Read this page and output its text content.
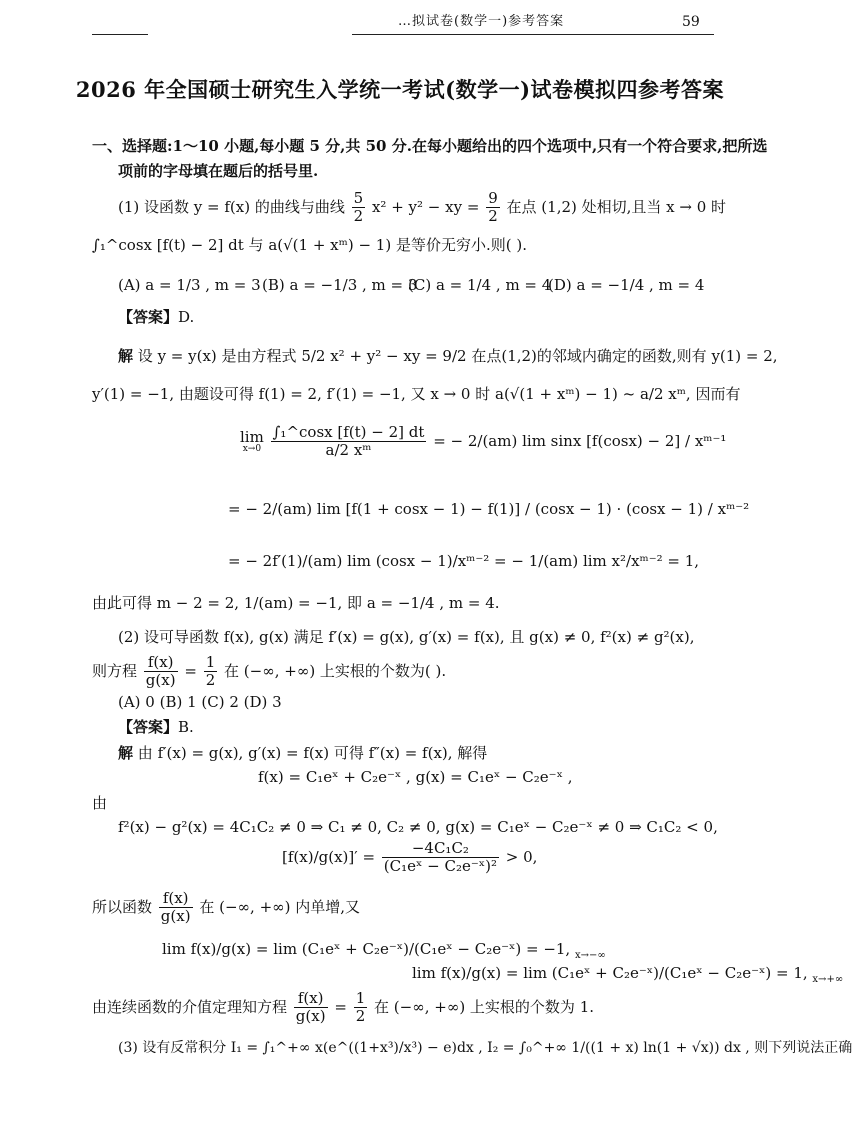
…拟试卷(数学一)参考答案	59
2026 年全国硕士研究生入学统一考试(数学一)试卷模拟四参考答案
一、选择题:1～10 小题,每小题 5 分,共 50 分.在每小题给出的四个选项中,只有一个符合要求,把所选
项前的字母填在题后的括号里.
(1) 设函数 y = f(x) 的曲线与曲线 $\frac{5}{2} x^2 + y^2$ − xy = $\frac{9}{2}$ 在点 (1,2) 处相切,且当 x → 0 时
∫₁^cosx [f(t) − 2] dt 与 a(√(1 + xᵐ) − 1) 是等价无穷小.则( ).
(A) a = 1/3 , m = 3 (B) a = −1/3 , m = 3
(C) a = 1/4 , m = 4
(D) a = −1/4 , m = 4
【答案】D.
解 设 y = y(x) 是由方程式 5/2 x² + y² − xy = 9/2 在点(1,2)的邻域内确定的函数,则有 y(1) = 2,
y′(1) = −1, 由题设可得 f(1) = 2, f′(1) = −1, 又 x → 0 时 a(√(1 + xᵐ) − 1) ~ a/2 xᵐ, 因而有
lim
x→0
$\frac{\text{∫₁\textasciicircum{}cosx [f(t) − 2] dt}}{\text{a/2 xᵐ}}$ = − 2/(am) lim sinx [f(cosx) − 2] / xᵐ⁻¹
= − 2/(am) lim [f(1 + cosx − 1) − f(1)] / (cosx − 1) · (cosx − 1) / xᵐ⁻²
= − 2f′(1)/(am) lim (cosx − 1)/xᵐ⁻² = − 1/(am) lim x²/xᵐ⁻² = 1,
由此可得 m − 2 = 2, 1/(am) = −1, 即 a = −1/4 , m = 4.
(2) 设可导函数 f(x), g(x) 满足 f′(x) = g(x), g′(x) = f(x), 且 g(x) ≠ 0, f²(x) ≠ g²(x),
则方程 $\frac{f(x)}{g(x)} = \frac{1}{2}$ 在 (−∞, +∞) 上实根的个数为( ).
(A) 0 (B) 1 (C) 2 (D) 3
【答案】B.
解 由 f′(x) = g(x), g′(x) = f(x) 可得 f″(x) = f(x), 解得
f(x) = C₁eˣ + C₂e⁻ˣ , g(x) = C₁eˣ − C₂e⁻ˣ ,
由
f²(x) − g²(x) = 4C₁C₂ ≠ 0 ⇒ C₁ ≠ 0, C₂ ≠ 0, g(x) = C₁eˣ − C₂e⁻ˣ ≠ 0 ⇒ C₁C₂ < 0,
$[f(x)/g(x)]' = \frac{\text{−4C₁C₂}}{\text{(C₁eˣ − C₂e⁻ˣ)²}} > 0$,
所以函数 $\frac{f(x)}{g(x)}$ 在 (−∞, +∞) 内单增,又
lim f(x)/g(x) = lim (C₁eˣ + C₂e⁻ˣ)/(C₁eˣ − C₂e⁻ˣ) = −1, $_{x\to-\infty}$
lim f(x)/g(x) = lim (C₁eˣ + C₂e⁻ˣ)/(C₁eˣ − C₂e⁻ˣ) = 1, $_{x\to+\infty}$
由连续函数的介值定理知方程 $\frac{f(x)}{g(x)} = \frac{1}{2}$ 在 (−∞, +∞) 上实根的个数为 1.
(3) 设有反常积分 I₁ = ∫₁^+∞ x(e^((1+x³)/x³) − e)dx , I₂ = ∫₀^+∞ 1/((1 + x) ln(1 + √x)) dx , 则下列说法正确
